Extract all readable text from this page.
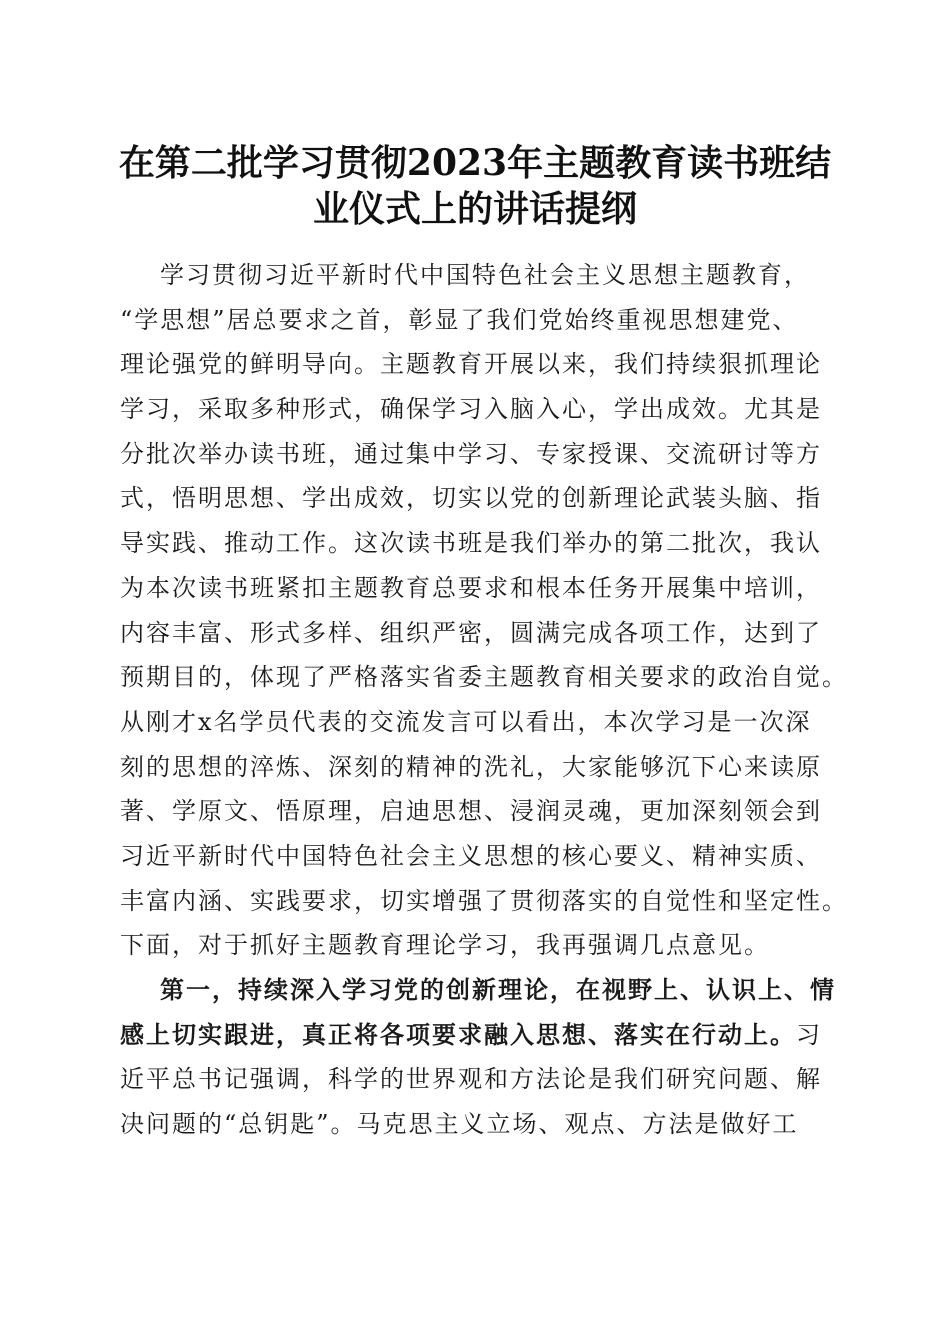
在第二批学习贯彻2023年主题教育读书班结
业仪式上的讲话提纲
学习贯彻习近平新时代中国特色社会主义思想主题教育，
“学思想”居总要求之首，彰显了我们党始终重视思想建党、
理论强党的鲜明导向。主题教育开展以来，我们持续狠抓理论
学习，采取多种形式，确保学习入脑入心，学出成效。尤其是
分批次举办读书班，通过集中学习、专家授课、交流研讨等方
式，悟明思想、学出成效，切实以党的创新理论武装头脑、指
导实践、推动工作。这次读书班是我们举办的第二批次，我认
为本次读书班紧扣主题教育总要求和根本任务开展集中培训，
内容丰富、形式多样、组织严密，圆满完成各项工作，达到了
预期目的，体现了严格落实省委主题教育相关要求的政治自觉。
从刚才x名学员代表的交流发言可以看出，本次学习是一次深
刻的思想的淬炼、深刻的精神的洗礼，大家能够沉下心来读原
著、学原文、悟原理，启迪思想、浸润灵魂，更加深刻领会到
习近平新时代中国特色社会主义思想的核心要义、精神实质、
丰富内涵、实践要求，切实增强了贯彻落实的自觉性和坚定性。
下面，对于抓好主题教育理论学习，我再强调几点意见。
第一，持续深入学习党的创新理论，在视野上、认识上、情
感上切实跟进，真正将各项要求融入思想、落实在行动上。习
近平总书记强调，科学的世界观和方法论是我们研究问题、解
决问题的“总钥匙”。马克思主义立场、观点、方法是做好工
